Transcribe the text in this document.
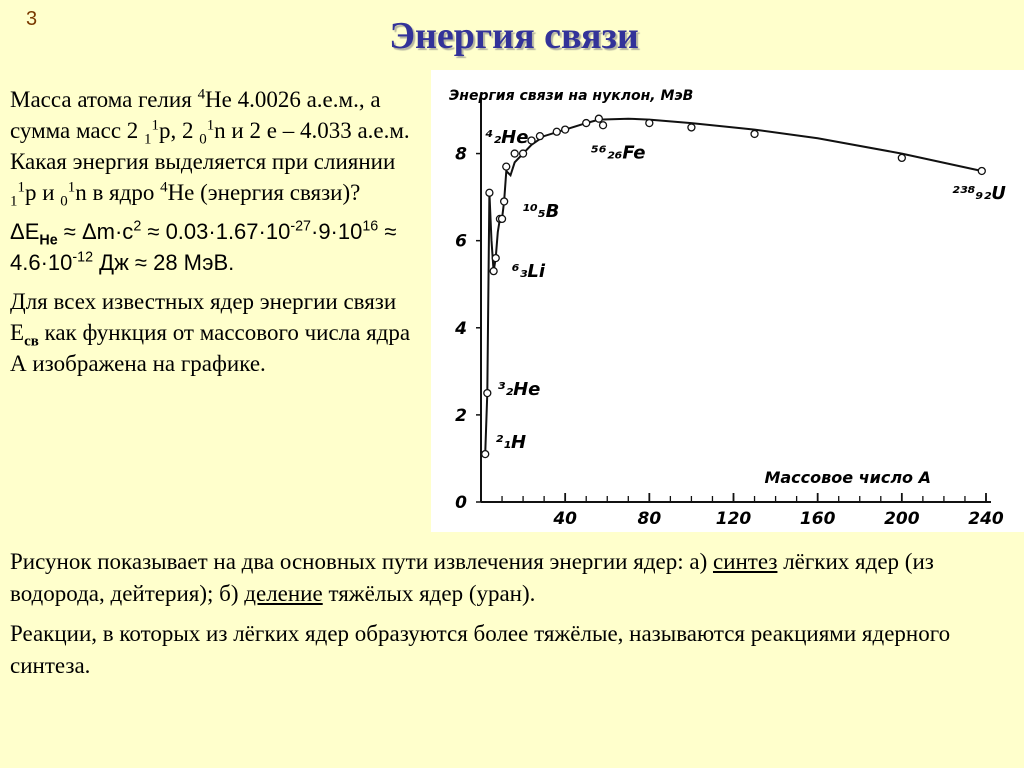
3	Энергия связи

Масса атома гелия $^4$He 4.0026 а.е.м., а сумма масс 2 $_1^1$p, 2 $_0^1$n и 2 е – 4.033 а.е.м. Какая энергия выделяется при слиянии $_1^1$p и $_0^1$n в ядро $^4$He (энергия связи)?

$\Delta E_{He} \approx \Delta m\cdot c^2 \approx 0.03\cdot 1.67\cdot 10^{-27}\cdot 9\cdot 10^{16} \approx 4.6\cdot 10^{-12}$ Дж ≈ 28 МэВ.

Для всех известных ядер энергии связи $E_{св}$ как функция от массового числа ядра А изображена на графике.

0
2
4
6
8
40	80	120	160	200	240
Энергия связи на нуклон, МэВ
Массовое число A
²₁H
³₂He
⁶₃Li
¹⁰₅B
⁴₂He
⁵⁶₂₆Fe
²³⁸₉₂U

Рисунок показывает на два основных пути извлечения энергии ядер: а) синтез лёгких ядер (из водорода, дейтерия); б) деление тяжёлых ядер (уран).

Реакции, в которых из лёгких ядер образуются более тяжёлые, называются реакциями ядерного синтеза.
